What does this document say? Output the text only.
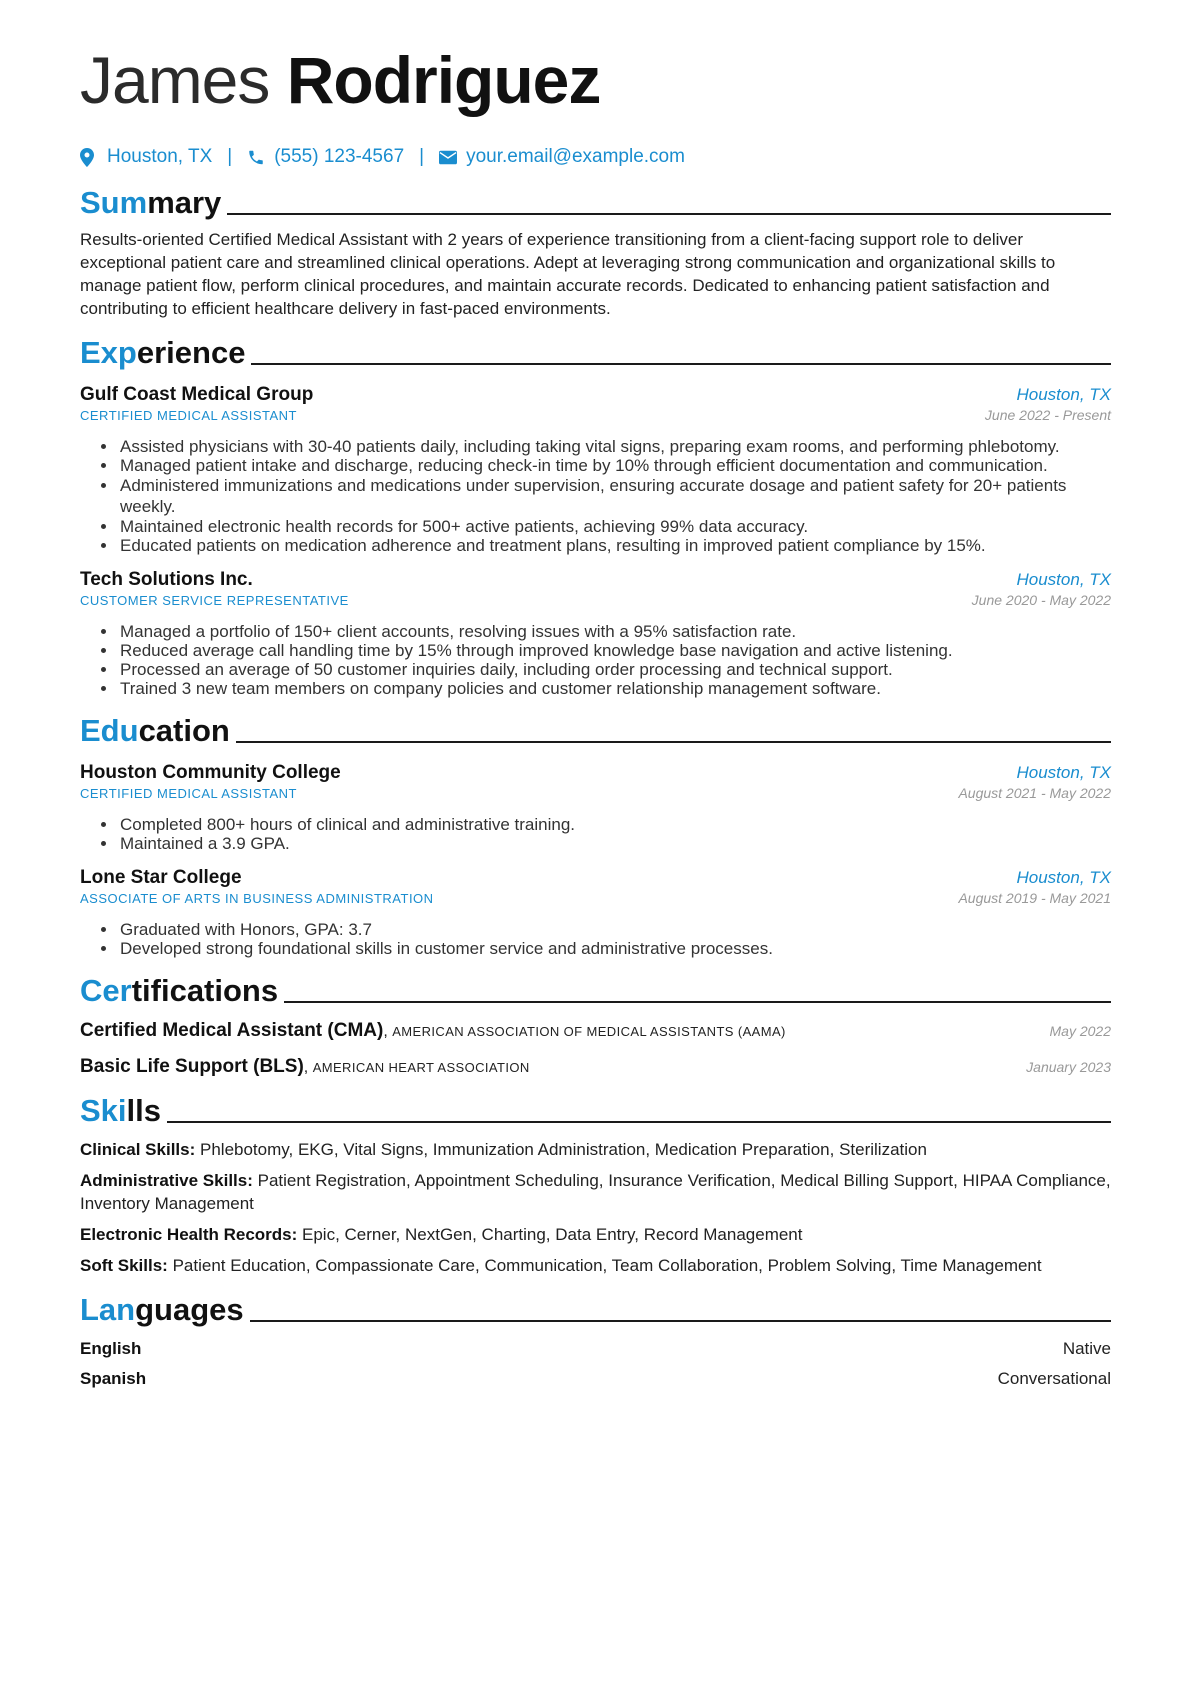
James Rodriguez
Houston, TX | (555) 123-4567 | your.email@example.com
Summary
Results-oriented Certified Medical Assistant with 2 years of experience transitioning from a client-facing support role to deliver exceptional patient care and streamlined clinical operations. Adept at leveraging strong communication and organizational skills to manage patient flow, perform clinical procedures, and maintain accurate records. Dedicated to enhancing patient satisfaction and contributing to efficient healthcare delivery in fast-paced environments.
Experience
Gulf Coast Medical Group	Houston, TX
CERTIFIED MEDICAL ASSISTANT	June 2022 - Present
• Assisted physicians with 30-40 patients daily, including taking vital signs, preparing exam rooms, and performing phlebotomy.
• Managed patient intake and discharge, reducing check-in time by 10% through efficient documentation and communication.
• Administered immunizations and medications under supervision, ensuring accurate dosage and patient safety for 20+ patients weekly.
• Maintained electronic health records for 500+ active patients, achieving 99% data accuracy.
• Educated patients on medication adherence and treatment plans, resulting in improved patient compliance by 15%.
Tech Solutions Inc.	Houston, TX
CUSTOMER SERVICE REPRESENTATIVE	June 2020 - May 2022
• Managed a portfolio of 150+ client accounts, resolving issues with a 95% satisfaction rate.
• Reduced average call handling time by 15% through improved knowledge base navigation and active listening.
• Processed an average of 50 customer inquiries daily, including order processing and technical support.
• Trained 3 new team members on company policies and customer relationship management software.
Education
Houston Community College	Houston, TX
CERTIFIED MEDICAL ASSISTANT	August 2021 - May 2022
• Completed 800+ hours of clinical and administrative training.
• Maintained a 3.9 GPA.
Lone Star College	Houston, TX
ASSOCIATE OF ARTS IN BUSINESS ADMINISTRATION	August 2019 - May 2021
• Graduated with Honors, GPA: 3.7
• Developed strong foundational skills in customer service and administrative processes.
Certifications
Certified Medical Assistant (CMA), AMERICAN ASSOCIATION OF MEDICAL ASSISTANTS (AAMA)	May 2022
Basic Life Support (BLS), AMERICAN HEART ASSOCIATION	January 2023
Skills
Clinical Skills: Phlebotomy, EKG, Vital Signs, Immunization Administration, Medication Preparation, Sterilization
Administrative Skills: Patient Registration, Appointment Scheduling, Insurance Verification, Medical Billing Support, HIPAA Compliance, Inventory Management
Electronic Health Records: Epic, Cerner, NextGen, Charting, Data Entry, Record Management
Soft Skills: Patient Education, Compassionate Care, Communication, Team Collaboration, Problem Solving, Time Management
Languages
English	Native
Spanish	Conversational
